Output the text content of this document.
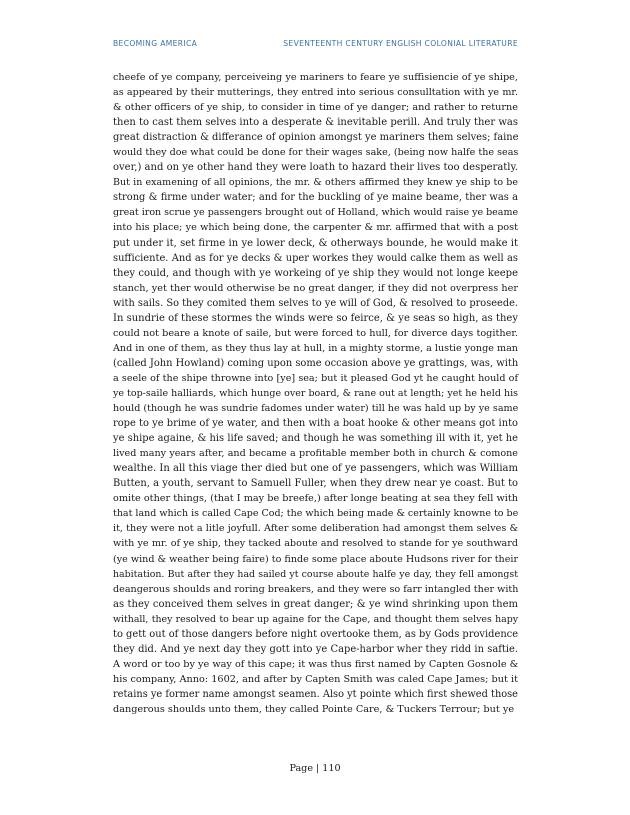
BECOMING AMERICA	SEVENTEENTH CENTURY ENGLISH COLONIAL LITERATURE
cheefe of ye company, perceiveing ye mariners to feare ye suffisiencie of ye shipe,
as appeared by their mutterings, they entred into serious consulltation with ye mr.
& other officers of ye ship, to consider in time of ye danger; and rather to returne
then to cast them selves into a desperate & inevitable perill. And truly ther was
great distraction & differance of opinion amongst ye mariners them selves; faine
would they doe what could be done for their wages sake, (being now halfe the seas
over,) and on ye other hand they were loath to hazard their lives too desperatly.
But in examening of all opinions, the mr. & others affirmed they knew ye ship to be
strong & firme under water; and for the buckling of ye maine beame, ther was a
great iron scrue ye passengers brought out of Holland, which would raise ye beame
into his place; ye which being done, the carpenter & mr. affirmed that with a post
put under it, set firme in ye lower deck, & otherways bounde, he would make it
sufficiente. And as for ye decks & uper workes they would calke them as well as
they could, and though with ye workeing of ye ship they would not longe keepe
stanch, yet ther would otherwise be no great danger, if they did not overpress her
with sails. So they comited them selves to ye will of God, & resolved to proseede.
In sundrie of these stormes the winds were so feirce, & ye seas so high, as they
could not beare a knote of saile, but were forced to hull, for diverce days togither.
And in one of them, as they thus lay at hull, in a mighty storme, a lustie yonge man
(called John Howland) coming upon some occasion above ye grattings, was, with
a seele of the shipe throwne into [ye] sea; but it pleased God yt he caught hould of
ye top-saile halliards, which hunge over board, & rane out at length; yet he held his
hould (though he was sundrie fadomes under water) till he was hald up by ye same
rope to ye brime of ye water, and then with a boat hooke & other means got into
ye shipe againe, & his life saved; and though he was something ill with it, yet he
lived many years after, and became a profitable member both in church & comone
wealthe. In all this viage ther died but one of ye passengers, which was William
Butten, a youth, servant to Samuell Fuller, when they drew near ye coast. But to
omite other things, (that I may be breefe,) after longe beating at sea they fell with
that land which is called Cape Cod; the which being made & certainly knowne to be
it, they were not a litle joyfull. After some deliberation had amongst them selves &
with ye mr. of ye ship, they tacked aboute and resolved to stande for ye southward
(ye wind & weather being faire) to finde some place aboute Hudsons river for their
habitation. But after they had sailed yt course aboute halfe ye day, they fell amongst
deangerous shoulds and roring breakers, and they were so farr intangled ther with
as they conceived them selves in great danger; & ye wind shrinking upon them
withall, they resolved to bear up againe for the Cape, and thought them selves hapy
to gett out of those dangers before night overtooke them, as by Gods providence
they did. And ye next day they gott into ye Cape-harbor wher they ridd in saftie.
A word or too by ye way of this cape; it was thus first named by Capten Gosnole &
his company, Anno: 1602, and after by Capten Smith was caled Cape James; but it
retains ye former name amongst seamen. Also yt pointe which first shewed those
dangerous shoulds unto them, they called Pointe Care, & Tuckers Terrour; but ye
Page | 110
